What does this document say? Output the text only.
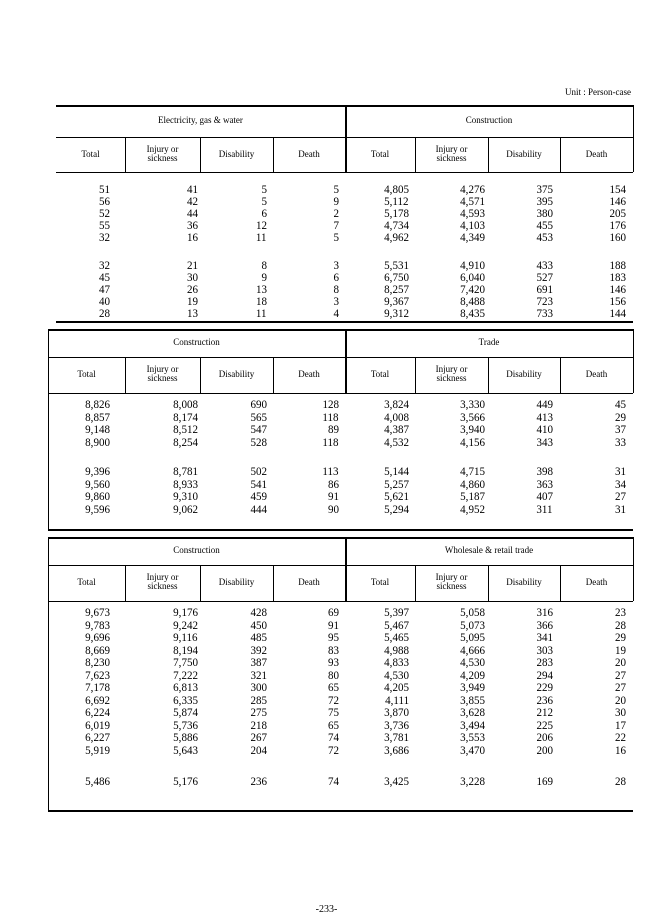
Unit : Person-case
Electricity, gas & water	Construction
Total	Injury or sickness	Disability	Death	Total	Injury or sickness	Disability	Death
51	41	5	5	4,805	4,276	375	154
56	42	5	9	5,112	4,571	395	146
52	44	6	2	5,178	4,593	380	205
55	36	12	7	4,734	4,103	455	176
32	16	11	5	4,962	4,349	453	160
32	21	8	3	5,531	4,910	433	188
45	30	9	6	6,750	6,040	527	183
47	26	13	8	8,257	7,420	691	146
40	19	18	3	9,367	8,488	723	156
28	13	11	4	9,312	8,435	733	144
Construction	Trade
Total	Injury or sickness	Disability	Death	Total	Injury or sickness	Disability	Death
8,826	8,008	690	128	3,824	3,330	449	45
8,857	8,174	565	118	4,008	3,566	413	29
9,148	8,512	547	89	4,387	3,940	410	37
8,900	8,254	528	118	4,532	4,156	343	33
9,396	8,781	502	113	5,144	4,715	398	31
9,560	8,933	541	86	5,257	4,860	363	34
9,860	9,310	459	91	5,621	5,187	407	27
9,596	9,062	444	90	5,294	4,952	311	31
Construction	Wholesale & retail trade
Total	Injury or sickness	Disability	Death	Total	Injury or sickness	Disability	Death
9,673	9,176	428	69	5,397	5,058	316	23
9,783	9,242	450	91	5,467	5,073	366	28
9,696	9,116	485	95	5,465	5,095	341	29
8,669	8,194	392	83	4,988	4,666	303	19
8,230	7,750	387	93	4,833	4,530	283	20
7,623	7,222	321	80	4,530	4,209	294	27
7,178	6,813	300	65	4,205	3,949	229	27
6,692	6,335	285	72	4,111	3,855	236	20
6,224	5,874	275	75	3,870	3,628	212	30
6,019	5,736	218	65	3,736	3,494	225	17
6,227	5,886	267	74	3,781	3,553	206	22
5,919	5,643	204	72	3,686	3,470	200	16
5,486	5,176	236	74	3,425	3,228	169	28
-233-
